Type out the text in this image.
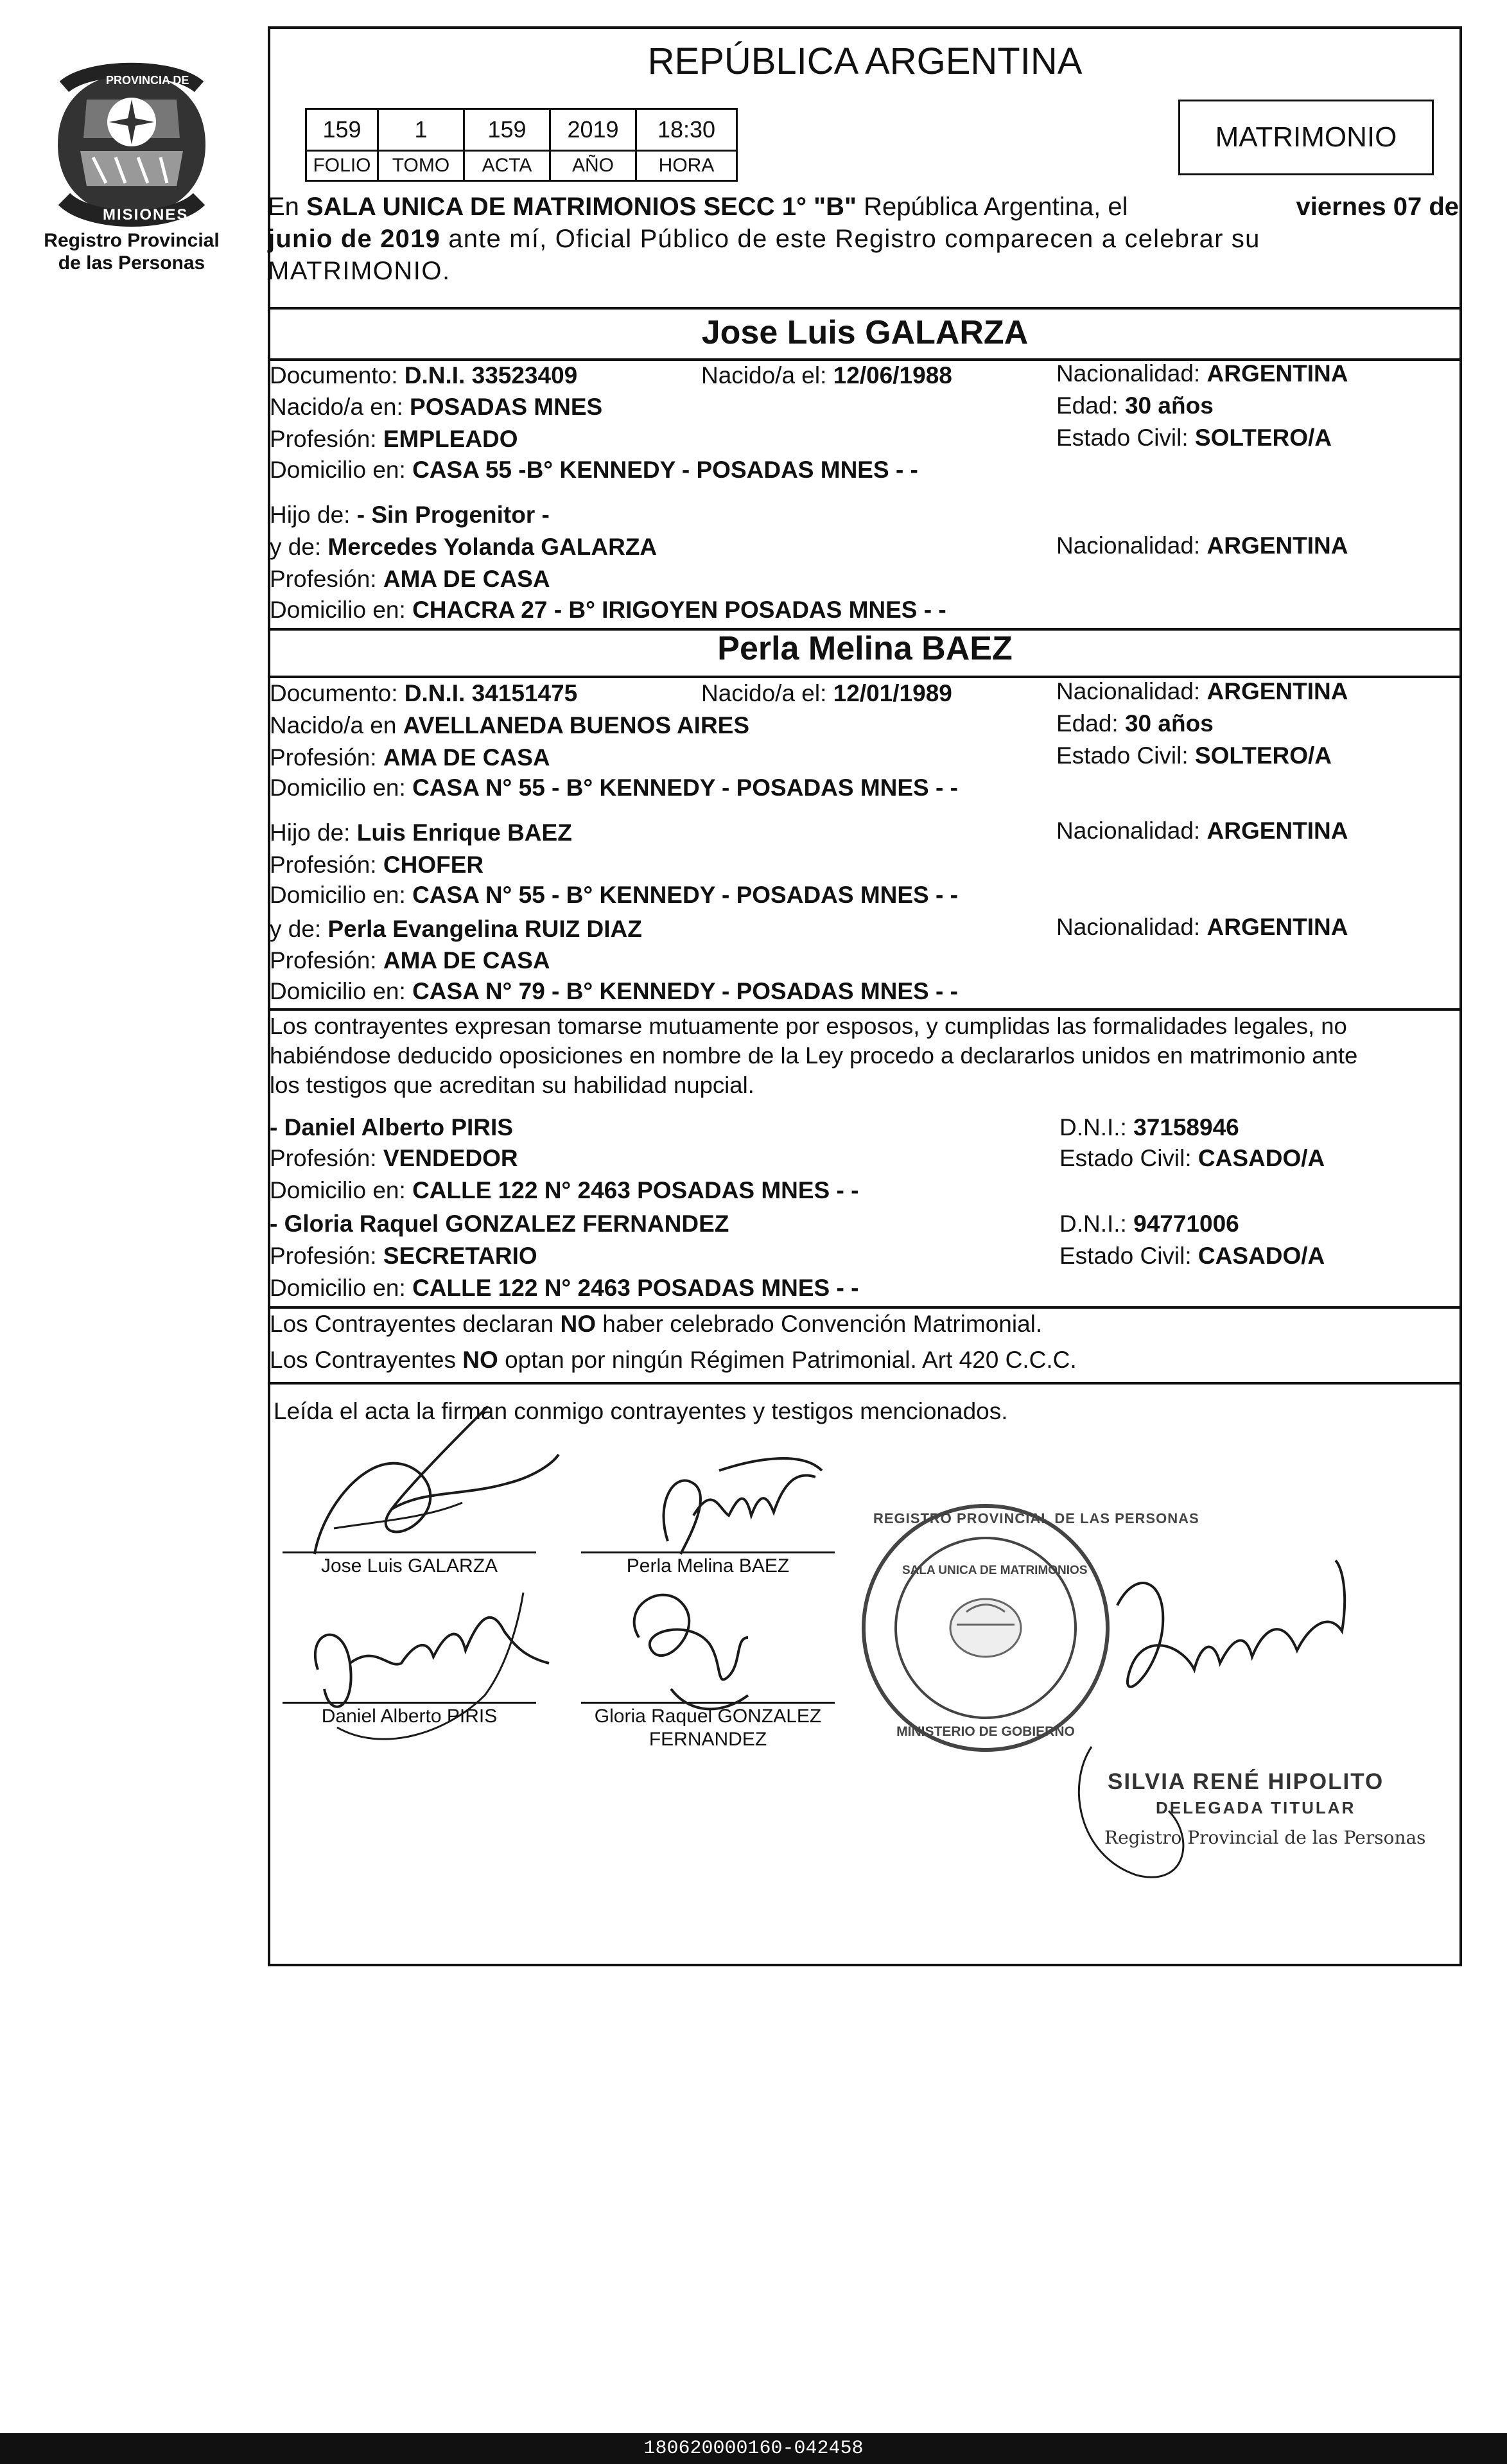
PROVINCIA DE
MISIONES
Registro Provincial
de las Personas
REPÚBLICA ARGENTINA
159 1	159 2019 18:30
FOLIO TOMO ACTA AÑO HORA
MATRIMONIO
En SALA UNICA DE MATRIMONIOS SECC 1° "B" República Argentina, el	viernes 07 de
junio de 2019 ante mí, Oficial Público de este Registro comparecen a celebrar su
MATRIMONIO.
Jose Luis GALARZA
Documento: D.N.I. 33523409	Nacido/a el: 12/06/1988	Nacionalidad: ARGENTINA
Nacido/a en: POSADAS MNES	Edad: 30 años
Profesión: EMPLEADO	Estado Civil: SOLTERO/A
Domicilio en: CASA 55 -B° KENNEDY - POSADAS MNES - -
Hijo de: - Sin Progenitor -
y de: Mercedes Yolanda GALARZA	Nacionalidad: ARGENTINA
Profesión: AMA DE CASA
Domicilio en: CHACRA 27 - B° IRIGOYEN POSADAS MNES - -
Perla Melina BAEZ
Documento: D.N.I. 34151475	Nacido/a el: 12/01/1989	Nacionalidad: ARGENTINA
Nacido/a en AVELLANEDA BUENOS AIRES	Edad: 30 años
Profesión: AMA DE CASA	Estado Civil: SOLTERO/A
Domicilio en: CASA N° 55 - B° KENNEDY - POSADAS MNES - -
Hijo de: Luis Enrique BAEZ	Nacionalidad: ARGENTINA
Profesión: CHOFER
Domicilio en: CASA N° 55 - B° KENNEDY - POSADAS MNES - -
y de: Perla Evangelina RUIZ DIAZ	Nacionalidad: ARGENTINA
Profesión: AMA DE CASA
Domicilio en: CASA N° 79 - B° KENNEDY - POSADAS MNES - -
Los contrayentes expresan tomarse mutuamente por esposos, y cumplidas las formalidades legales, no
habiéndose deducido oposiciones en nombre de la Ley procedo a declararlos unidos en matrimonio ante
los testigos que acreditan su habilidad nupcial.
- Daniel Alberto PIRIS	D.N.I.: 37158946
Profesión: VENDEDOR	Estado Civil: CASADO/A
Domicilio en: CALLE 122 N° 2463 POSADAS MNES - -
- Gloria Raquel GONZALEZ FERNANDEZ	D.N.I.: 94771006
Profesión: SECRETARIO	Estado Civil: CASADO/A
Domicilio en: CALLE 122 N° 2463 POSADAS MNES - -
Los Contrayentes declaran NO haber celebrado Convención Matrimonial.
Los Contrayentes NO optan por ningún Régimen Patrimonial. Art 420 C.C.C.
Leída el acta la firman conmigo contrayentes y testigos mencionados.
Jose Luis GALARZA	Perla Melina BAEZ
Daniel Alberto PIRIS	Gloria Raquel GONZALEZ
FERNANDEZ
REGISTRO PROVINCIAL DE LAS PERSONAS
SALA UNICA DE MATRIMONIOS
MINISTERIO DE GOBIERNO
SILVIA RENÉ HIPOLITO
DELEGADA TITULAR
Registro Provincial de las Personas
180620000160-042458
